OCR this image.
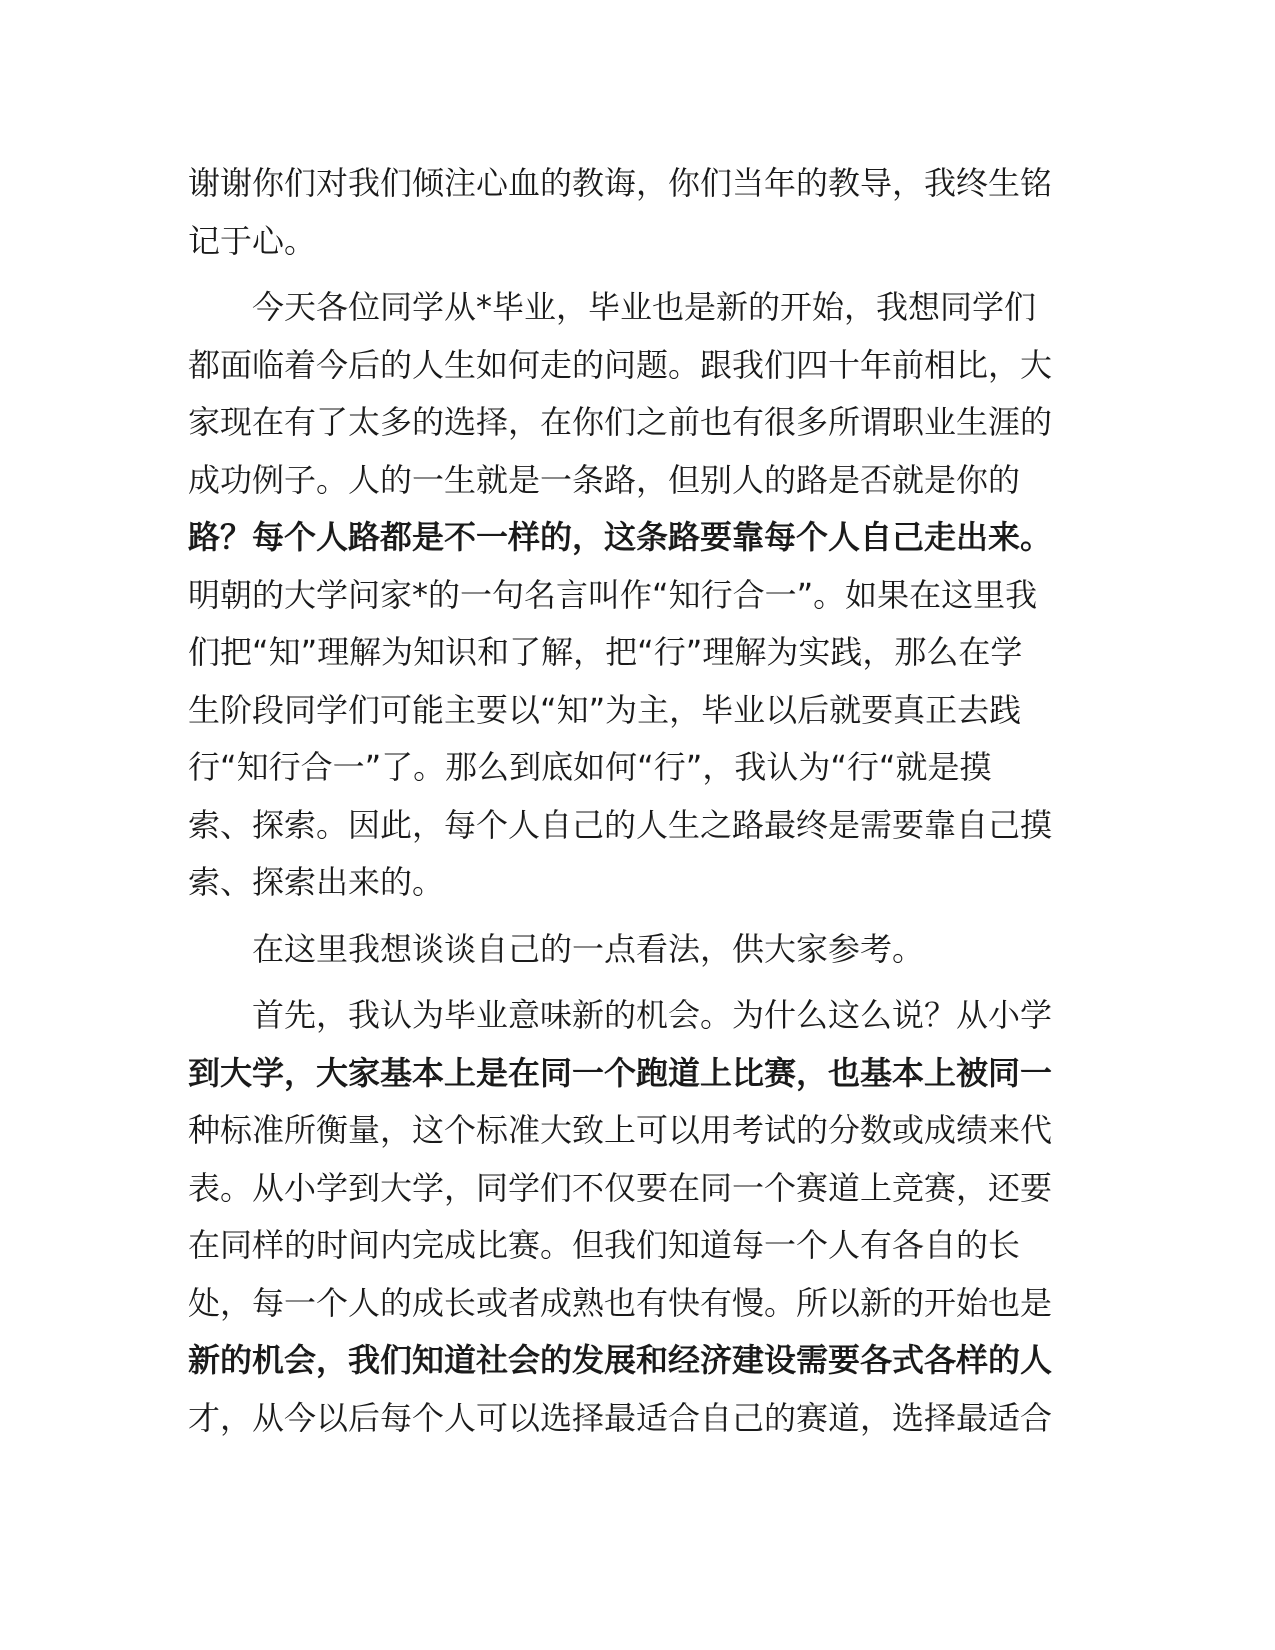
谢谢你们对我们倾注心血的教诲，你们当年的教导，我终生铭
记于心。
今天各位同学从*毕业，毕业也是新的开始，我想同学们
都面临着今后的人生如何走的问题。跟我们四十年前相比，大
家现在有了太多的选择，在你们之前也有很多所谓职业生涯的
成功例子。人的一生就是一条路，但别人的路是否就是你的
路？每个人路都是不一样的，这条路要靠每个人自己走出来。
明朝的大学问家*的一句名言叫作“知行合一”。如果在这里我
们把“知”理解为知识和了解，把“行”理解为实践，那么在学
生阶段同学们可能主要以“知”为主，毕业以后就要真正去践
行“知行合一”了。那么到底如何“行”，我认为“行“就是摸
索、探索。因此，每个人自己的人生之路最终是需要靠自己摸
索、探索出来的。
在这里我想谈谈自己的一点看法，供大家参考。
首先，我认为毕业意味新的机会。为什么这么说？从小学
到大学，大家基本上是在同一个跑道上比赛，也基本上被同一
种标准所衡量，这个标准大致上可以用考试的分数或成绩来代
表。从小学到大学，同学们不仅要在同一个赛道上竞赛，还要
在同样的时间内完成比赛。但我们知道每一个人有各自的长
处，每一个人的成长或者成熟也有快有慢。所以新的开始也是
新的机会，我们知道社会的发展和经济建设需要各式各样的人
才，从今以后每个人可以选择最适合自己的赛道，选择最适合
